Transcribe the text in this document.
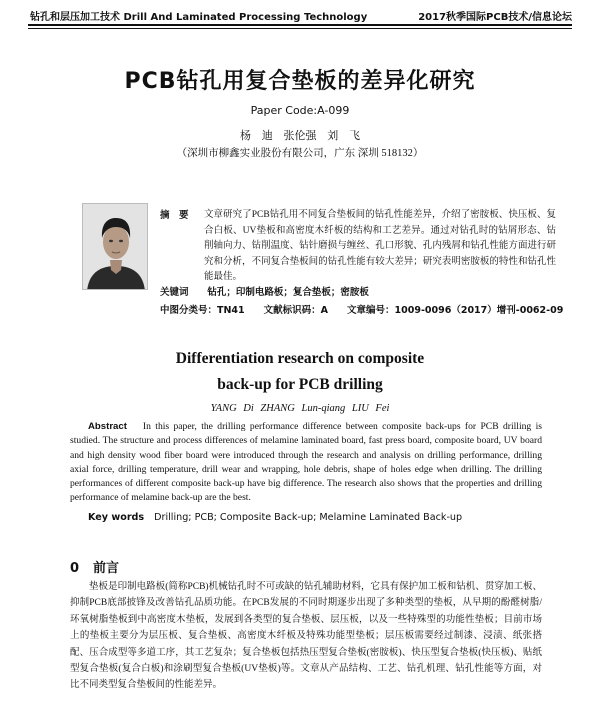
钻孔和层压加工技术 Drill And Laminated Processing Technology	2017秋季国际PCB技术/信息论坛
PCB钻孔用复合垫板的差异化研究
Paper Code:A-099
杨 迪 张伦强 刘 飞
（深圳市柳鑫实业股份有限公司，广东 深圳 518132）
摘　要 文章研究了PCB钻孔用不同复合垫板间的钻孔性能差异，介绍了密胺板、快压板、复合白板、UV垫板和高密度木纤板的结构和工艺差异。通过对钻孔时的钻屑形态、钻削轴向力、钻削温度、钻针磨损与缠丝、孔口形貌、孔内残屑和钻孔性能方面进行研究和分析，不同复合垫板间的钻孔性能有较大差异；研究表明密胺板的特性和钻孔性能最佳。
关键词 钻孔；印制电路板；复合垫板；密胺板
中图分类号：TN41　　文献标识码：A　　文章编号：1009-0096（2017）增刊-0062-09
Differentiation research on composite
back-up for PCB drilling
YANG Di ZHANG Lun-qiang LIU Fei
Abstract In this paper, the drilling performance difference between composite back-ups for PCB drilling is studied. The structure and process differences of melamine laminated board, fast press board, composite board, UV board and high density wood fiber board were introduced through the research and analysis on drilling performance, drilling axial force, drilling temperature, drill wear and wrapping, hole debris, shape of holes edge when drilling. The drilling performances of different composite back-up have big difference. The research also shows that the properties and drilling performance of melamine back-up are the best.
Key words Drilling; PCB; Composite Back-up; Melamine Laminated Back-up
0 前言
垫板是印制电路板(简称PCB)机械钻孔时不可或缺的钻孔辅助材料，它具有保护加工板和钻机、贯穿加工板、抑制PCB底部披锋及改善钻孔品质功能。在PCB发展的不同时期逐步出现了多种类型的垫板，从早期的酚醛树脂/环氧树脂垫板到中高密度木垫板，发展到各类型的复合垫板、层压板，以及一些特殊型的功能性垫板；目前市场上的垫板主要分为层压板、复合垫板、高密度木纤板及特殊功能型垫板；层压板需要经过制漆、浸渍、纸张搭配、压合成型等多道工序，其工艺复杂；复合垫板包括热压型复合垫板(密胺板)、快压型复合垫板(快压板)、贴纸型复合垫板(复合白板)和涂刷型复合垫板(UV垫板)等。文章从产品结构、工艺、钻孔机理、钻孔性能等方面，对比不同类型复合垫板间的性能差异。
